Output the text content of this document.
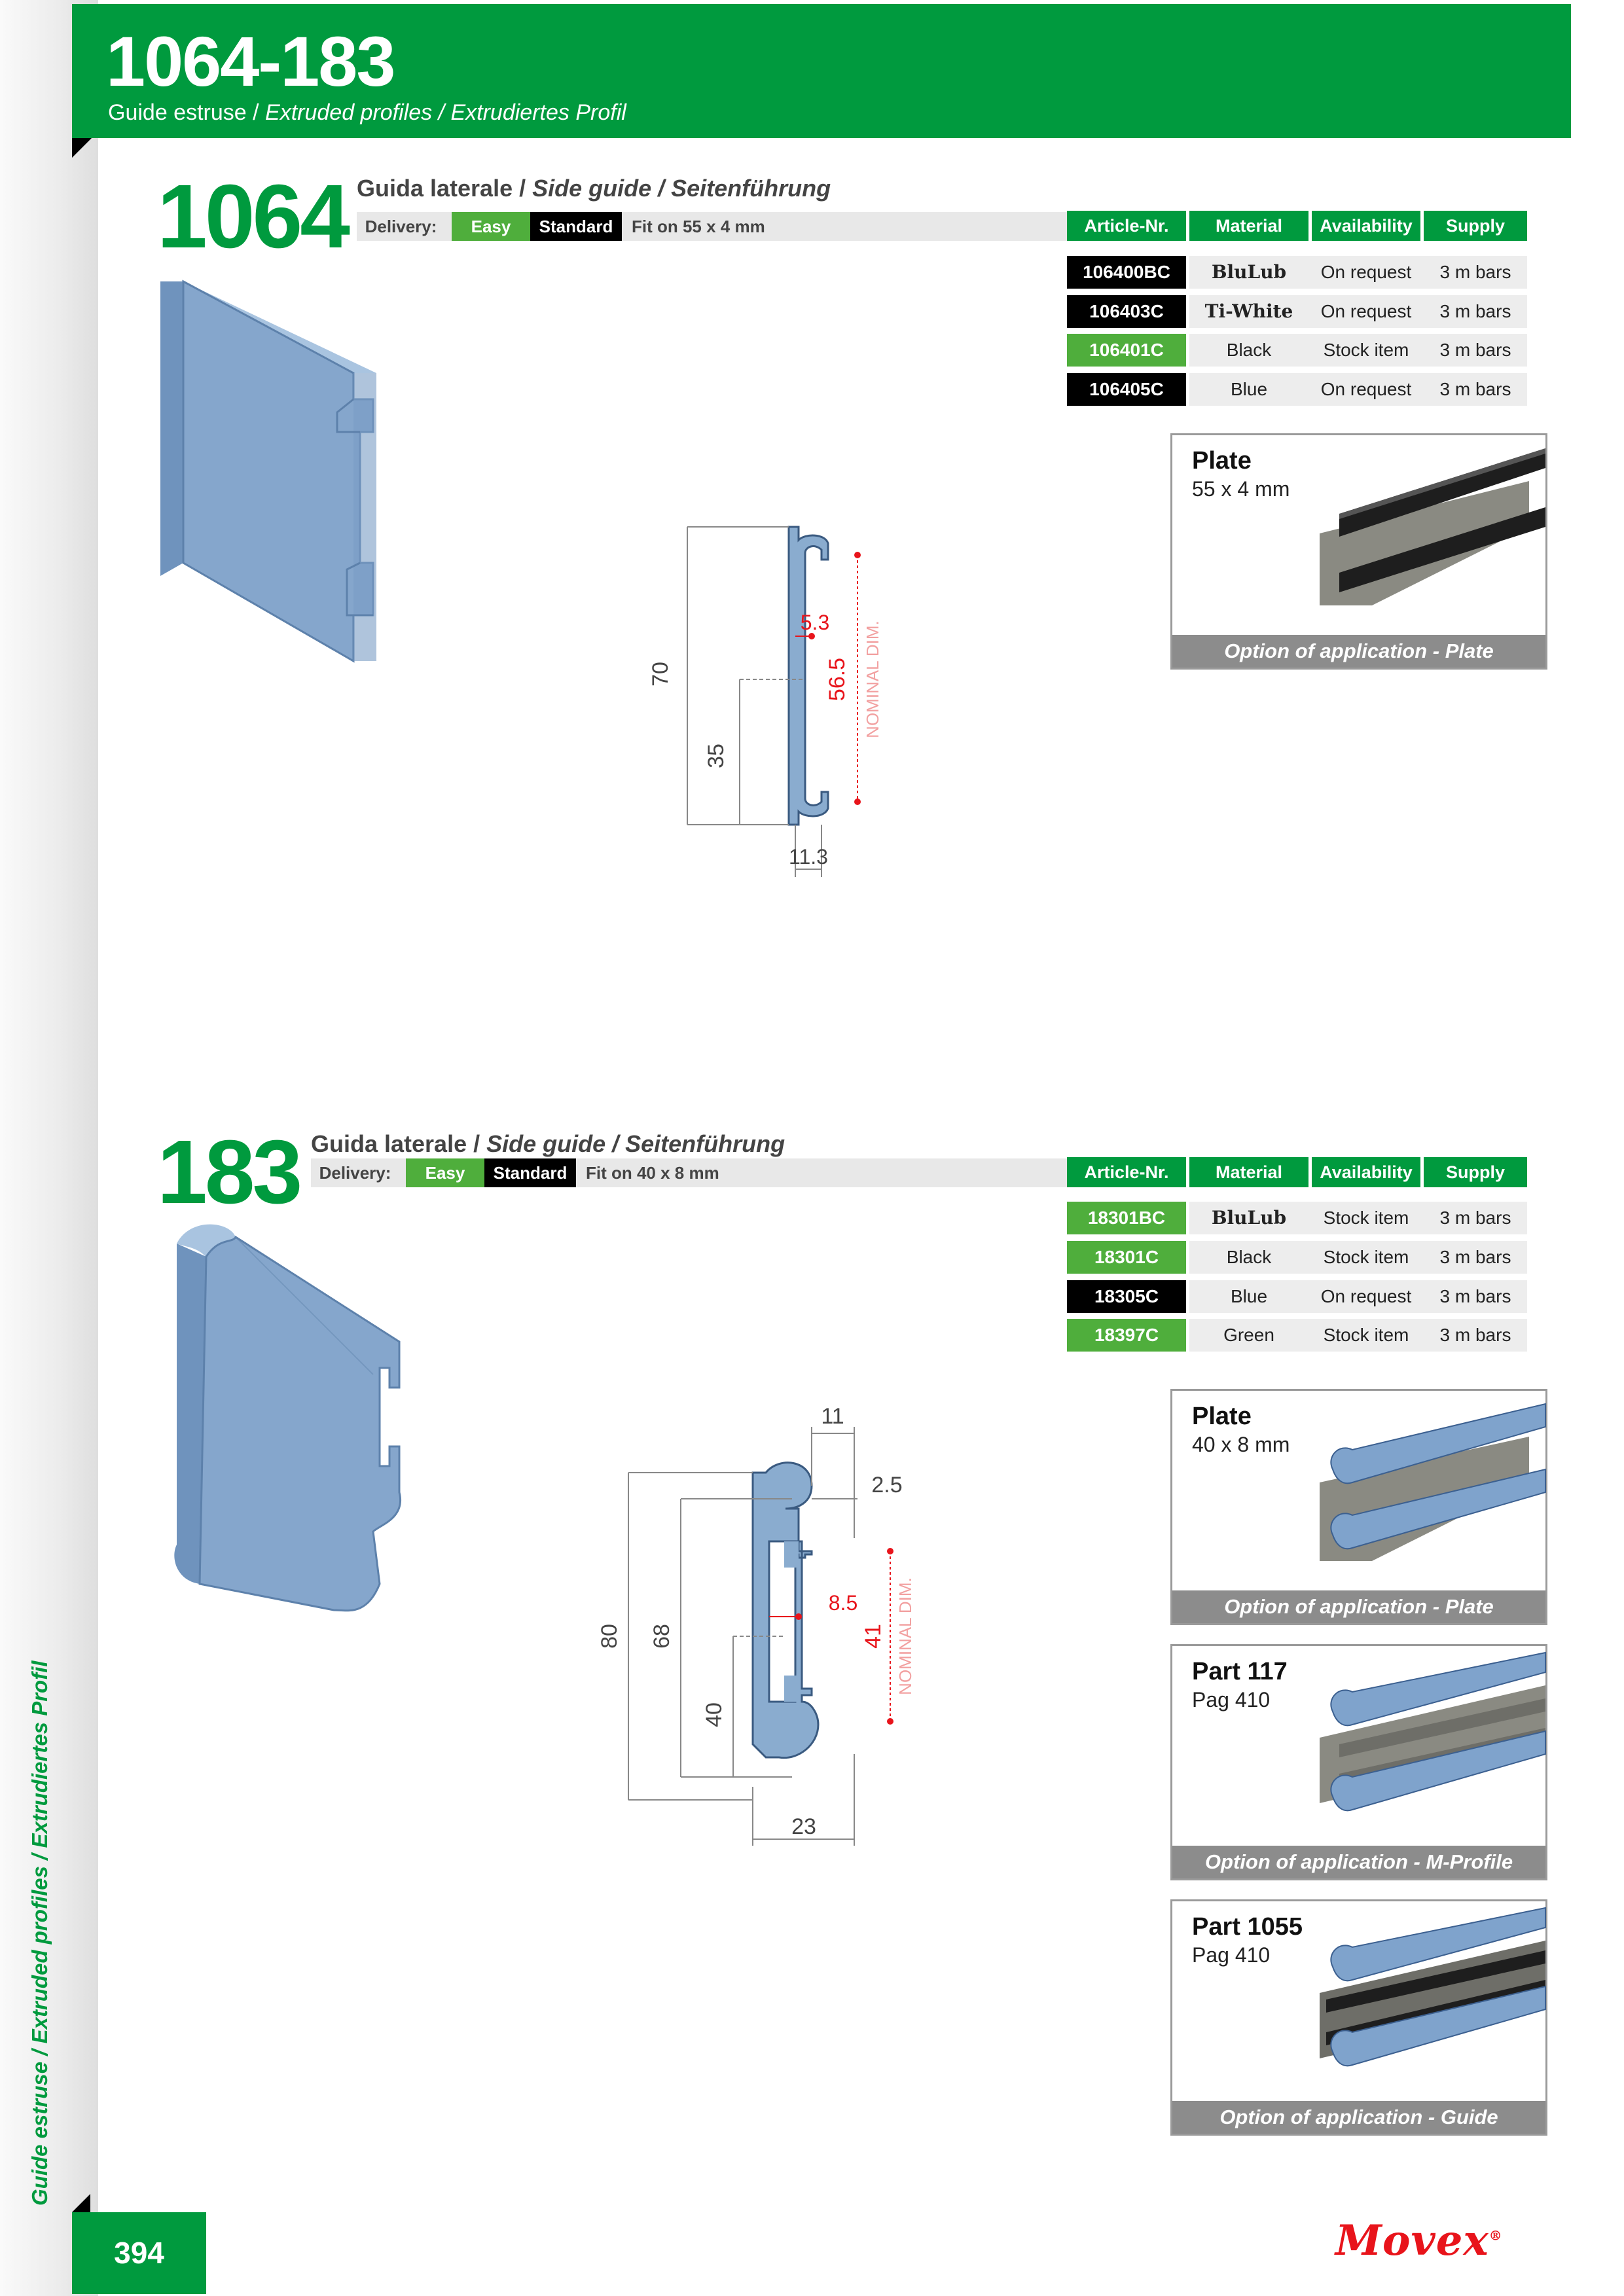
1064-183
Guide estruse / Extruded profiles / Extrudiertes Profil
1064 Guida laterale / Side guide / Seitenführung
Delivery:	Easy	Standard	Fit on 55 x 4 mm	Article-Nr.	Material	Availability	Supply
106400BC	BluLub	On request	3 m bars
106403C	Ti-White	On request	3 m bars
106401C	Black	Stock item	3 m bars
106405C	Blue	On request	3 m bars
70
35
5.3
56.5 NOMINAL DIM.
11.3
Plate
55 x 4 mm
Option of application - Plate
183 Guida laterale / Side guide / Seitenführung
Delivery:	Easy	Standard	Fit on 40 x 8 mm	Article-Nr.	Material	Availability	Supply
18301BC	BluLub	Stock item	3 m bars
18301C	Black	Stock item	3 m bars
18305C	Blue	On request	3 m bars
18397C	Green	Stock item	3 m bars
11
2.5
80 68
40
8.5
41 NOMINAL DIM.
23
Plate
40 x 8 mm
Option of application - Plate
Part 117
Pag 410
Option of application - M-Profile
Part 1055
Pag 410
Option of application - Guide
Guide estruse / Extruded profiles / Extrudiertes Profil
394	Movex®
